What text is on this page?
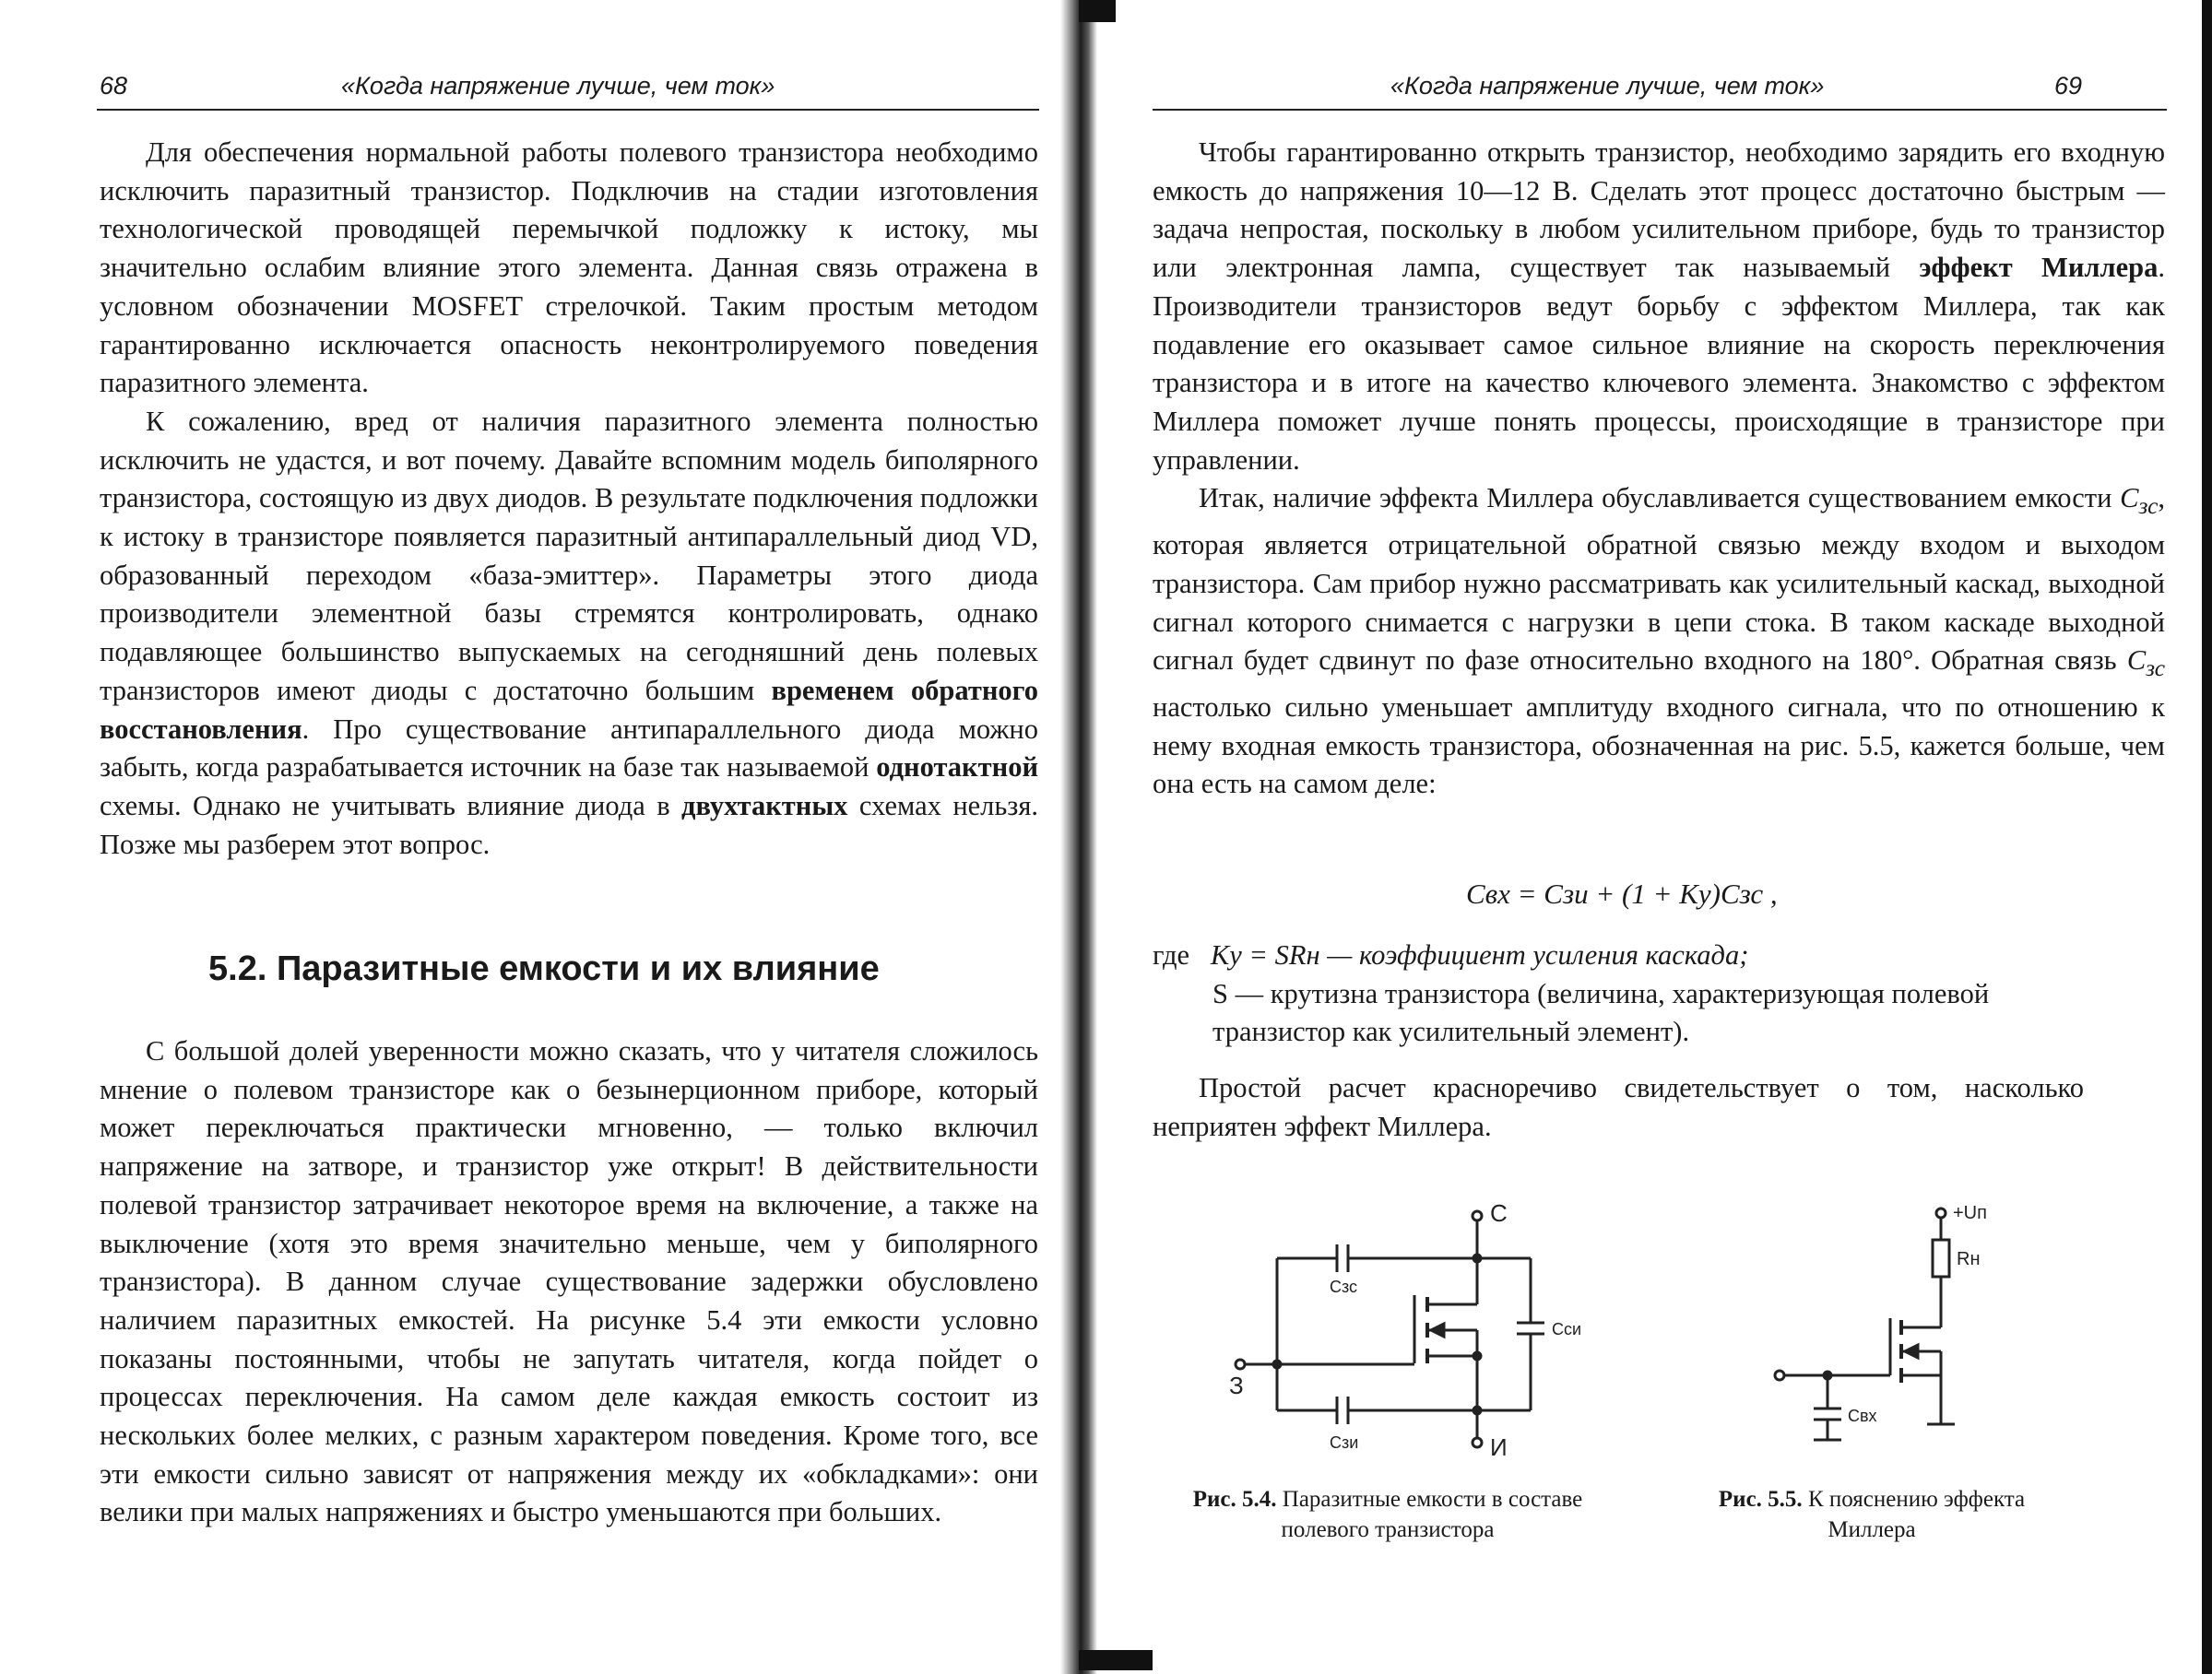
68	«Когда напряжение лучше, чем ток»

Для обеспечения нормальной работы полевого транзистора необходимо исключить паразитный транзистор. Подключив на стадии изготовления технологической проводящей перемычкой подложку к истоку, мы значительно ослабим влияние этого элемента. Данная связь отражена в условном обозначении MOSFET стрелочкой. Таким простым методом гарантированно исключается опасность неконтролируемого поведения паразитного элемента.

К сожалению, вред от наличия паразитного элемента полностью исключить не удастся, и вот почему. Давайте вспомним модель биполярного транзистора, состоящую из двух диодов. В результате подключения подложки к истоку в транзисторе появляется паразитный антипараллельный диод VD, образованный переходом «база-эмиттер». Параметры этого диода производители элементной базы стремятся контролировать, однако подавляющее большинство выпускаемых на сегодняшний день полевых транзисторов имеют диоды с достаточно большим временем обратного восстановления. Про существование антипараллельного диода можно забыть, когда разрабатывается источник на базе так называемой однотактной схемы. Однако не учитывать влияние диода в двухтактных схемах нельзя. Позже мы разберем этот вопрос.

5.2. Паразитные емкости и их влияние

С большой долей уверенности можно сказать, что у читателя сложилось мнение о полевом транзисторе как о безынерционном приборе, который может переключаться практически мгновенно, — только включил напряжение на затворе, и транзистор уже открыт! В действительности полевой транзистор затрачивает некоторое время на включение, а также на выключение (хотя это время значительно меньше, чем у биполярного транзистора). В данном случае существование задержки обусловлено наличием паразитных емкостей. На рисунке 5.4 эти емкости условно показаны постоянными, чтобы не запутать читателя, когда пойдет о процессах переключения. На самом деле каждая емкость состоит из нескольких более мелких, с разным характером поведения. Кроме того, все эти емкости сильно зависят от напряжения между их «обкладками»: они велики при малых напряжениях и быстро уменьшаются при больших.

«Когда напряжение лучше, чем ток»	69

Чтобы гарантированно открыть транзистор, необходимо зарядить его входную емкость до напряжения 10—12 В. Сделать этот процесс достаточно быстрым — задача непростая, поскольку в любом усилительном приборе, будь то транзистор или электронная лампа, существует так называемый эффект Миллера. Производители транзисторов ведут борьбу с эффектом Миллера, так как подавление его оказывает самое сильное влияние на скорость переключения транзистора и в итоге на качество ключевого элемента. Знакомство с эффектом Миллера поможет лучше понять процессы, происходящие в транзисторе при управлении.

Итак, наличие эффекта Миллера обуславливается существованием емкости $С_{зс}$, которая является отрицательной обратной связью между входом и выходом транзистора. Сам прибор нужно рассматривать как усилительный каскад, выходной сигнал которого снимается с нагрузки в цепи стока. В таком каскаде выходной сигнал будет сдвинут по фазе относительно входного на 180°. Обратная связь $С_{зс}$ настолько сильно уменьшает амплитуду входного сигнала, что по отношению к нему входная емкость транзистора, обозначенная на рис. 5.5, кажется больше, чем она есть на самом деле:

Cвх = Cзи + (1 + Ky)Cзс ,
где Ky = SRн — коэффициент усиления каскада;
S — крутизна транзистора (величина, характеризующая полевой транзистор как усилительный элемент).

Простой расчет красноречиво свидетельствует о том, насколько неприятен эффект Миллера.

С
Cзс
Cси
З
Cзи	И
Рис. 5.4. Паразитные емкости в составе полевого транзистора
+Uп
Rн
Cвх
Рис. 5.5. К пояснению эффекта Миллера
